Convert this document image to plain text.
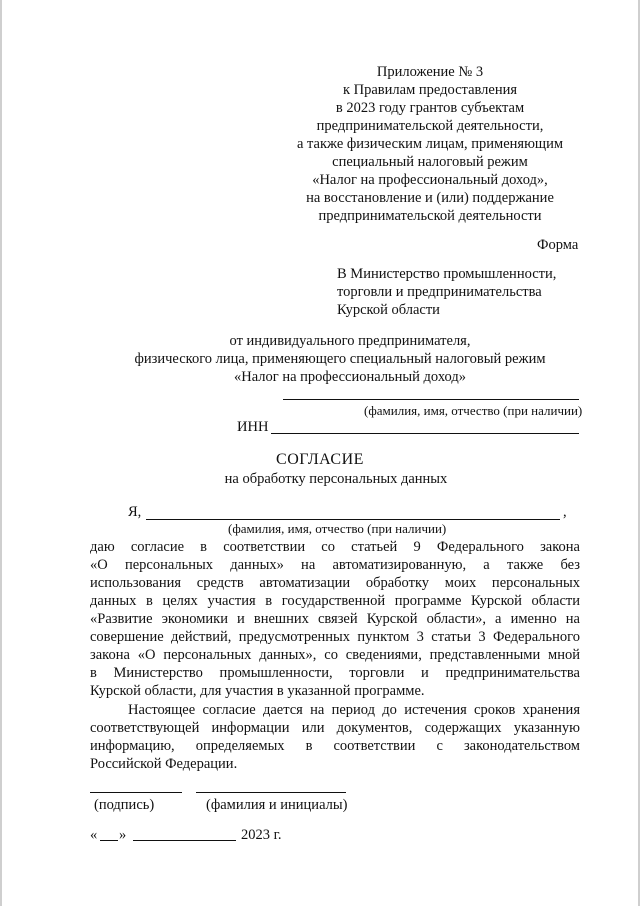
Приложение № 3
к Правилам предоставления
в 2023 году грантов субъектам
предпринимательской деятельности,
а также физическим лицам, применяющим
специальный налоговый режим
«Налог на профессиональный доход»,
на восстановление и (или) поддержание
предпринимательской деятельности
Форма
В Министерство промышленности,
торговли и предпринимательства
Курской области
от индивидуального предпринимателя,
физического лица, применяющего специальный налоговый режим
«Налог на профессиональный доход»
(фамилия, имя, отчество (при наличии)
ИНН
СОГЛАСИЕ
на обработку персональных данных
Я,	,
(фамилия, имя, отчество (при наличии)
даю согласие в соответствии со статьей 9 Федерального закона
«О персональных данных» на автоматизированную, а также без
использования средств автоматизации обработку моих персональных
данных в целях участия в государственной программе Курской области
«Развитие экономики и внешних связей Курской области», а именно на
совершение действий, предусмотренных пунктом 3 статьи 3 Федерального
закона «О персональных данных», со сведениями, представленными мной
в Министерство промышленности, торговли и предпринимательства
Курской области, для участия в указанной программе.
Настоящее согласие дается на период до истечения сроков хранения
соответствующей информации или документов, содержащих указанную
информацию, определяемых в соответствии с законодательством
Российской Федерации.
(подпись)	(фамилия и инициалы)
« »	2023 г.
